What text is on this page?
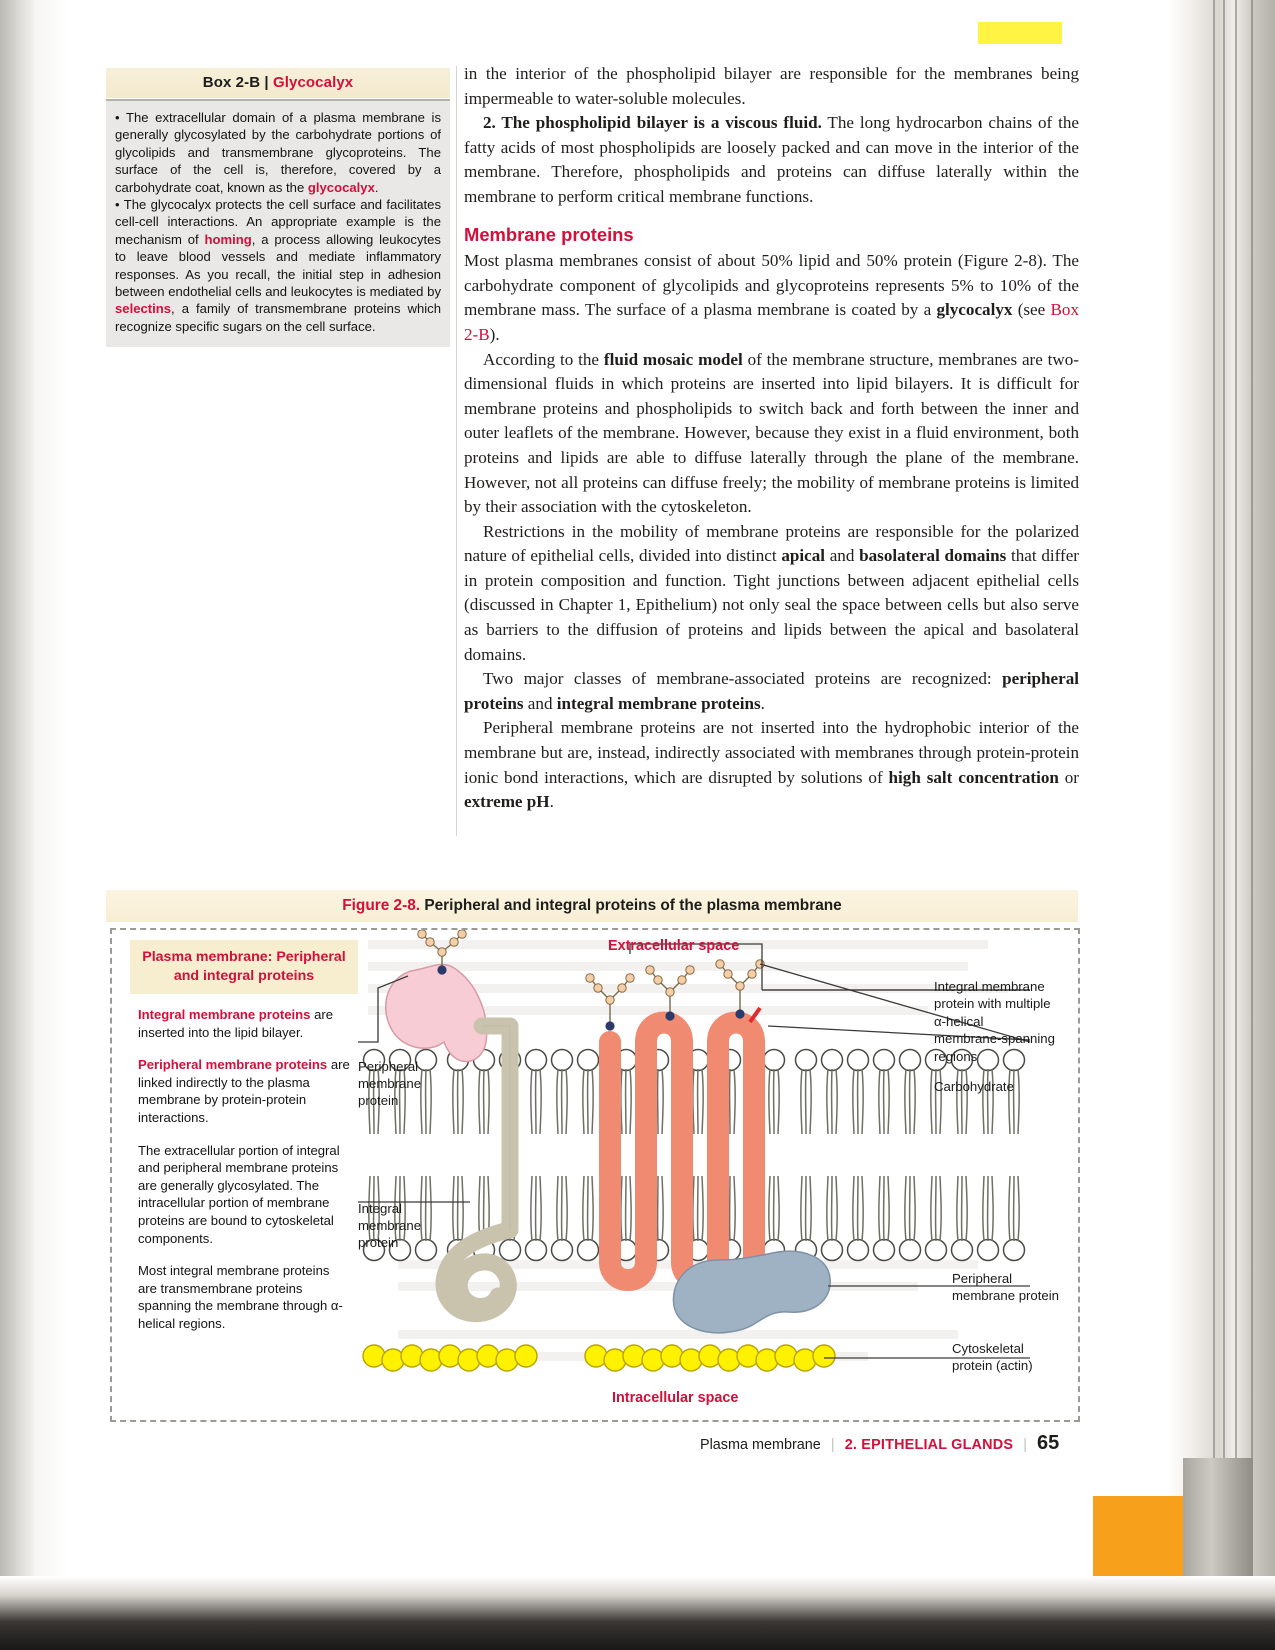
Box 2-B | Glycocalyx

• The extracellular domain of a plasma membrane is generally glycosylated by the carbohydrate portions of glycolipids and transmembrane glycoproteins. The surface of the cell is, therefore, covered by a carbohydrate coat, known as the glycocalyx.

• The glycocalyx protects the cell surface and facilitates cell-cell interactions. An appropriate example is the mechanism of homing, a process allowing leukocytes to leave blood vessels and mediate inflammatory responses. As you recall, the initial step in adhesion between endothelial cells and leukocytes is mediated by selectins, a family of transmembrane proteins which recognize specific sugars on the cell surface.

in the interior of the phospholipid bilayer are responsible for the membranes being impermeable to water-soluble molecules.

2. The phospholipid bilayer is a viscous fluid. The long hydrocarbon chains of the fatty acids of most phospholipids are loosely packed and can move in the interior of the membrane. Therefore, phospholipids and proteins can diffuse laterally within the membrane to perform critical membrane functions.

Membrane proteins

Most plasma membranes consist of about 50% lipid and 50% protein (Figure 2-8). The carbohydrate component of glycolipids and glycoproteins represents 5% to 10% of the membrane mass. The surface of a plasma membrane is coated by a glycocalyx (see Box 2-B).

According to the fluid mosaic model of the membrane structure, membranes are two-dimensional fluids in which proteins are inserted into lipid bilayers. It is difficult for membrane proteins and phospholipids to switch back and forth between the inner and outer leaflets of the membrane. However, because they exist in a fluid environment, both proteins and lipids are able to diffuse laterally through the plane of the membrane. However, not all proteins can diffuse freely; the mobility of membrane proteins is limited by their association with the cytoskeleton.

Restrictions in the mobility of membrane proteins are responsible for the polarized nature of epithelial cells, divided into distinct apical and basolateral domains that differ in protein composition and function. Tight junctions between adjacent epithelial cells (discussed in Chapter 1, Epithelium) not only seal the space between cells but also serve as barriers to the diffusion of proteins and lipids between the apical and basolateral domains.

Two major classes of membrane-associated proteins are recognized: peripheral proteins and integral membrane proteins.

Peripheral membrane proteins are not inserted into the hydrophobic interior of the membrane but are, instead, indirectly associated with membranes through protein-protein ionic bond interactions, which are disrupted by solutions of high salt concentration or extreme pH.

Figure 2-8. Peripheral and integral proteins of the plasma membrane
Plasma membrane: Peripheral and integral proteins

Integral membrane proteins are inserted into the lipid bilayer.

Peripheral membrane proteins are linked indirectly to the plasma membrane by protein-protein interactions.

The extracellular portion of integral and peripheral membrane proteins are generally glycosylated. The intracellular portion of membrane proteins are bound to cytoskeletal components.

Most integral membrane proteins are transmembrane proteins spanning the membrane through α-helical regions.

Extracellular space
Intracellular space
Peripheral
membrane
protein
Integral
membrane
protein
Integral membrane
protein with multiple
α-helical
membrane-spanning
regions
Carbohydrate
Peripheral
membrane protein
Cytoskeletal
protein (actin)
Plasma membrane | 2. EPITHELIAL GLANDS | 65
